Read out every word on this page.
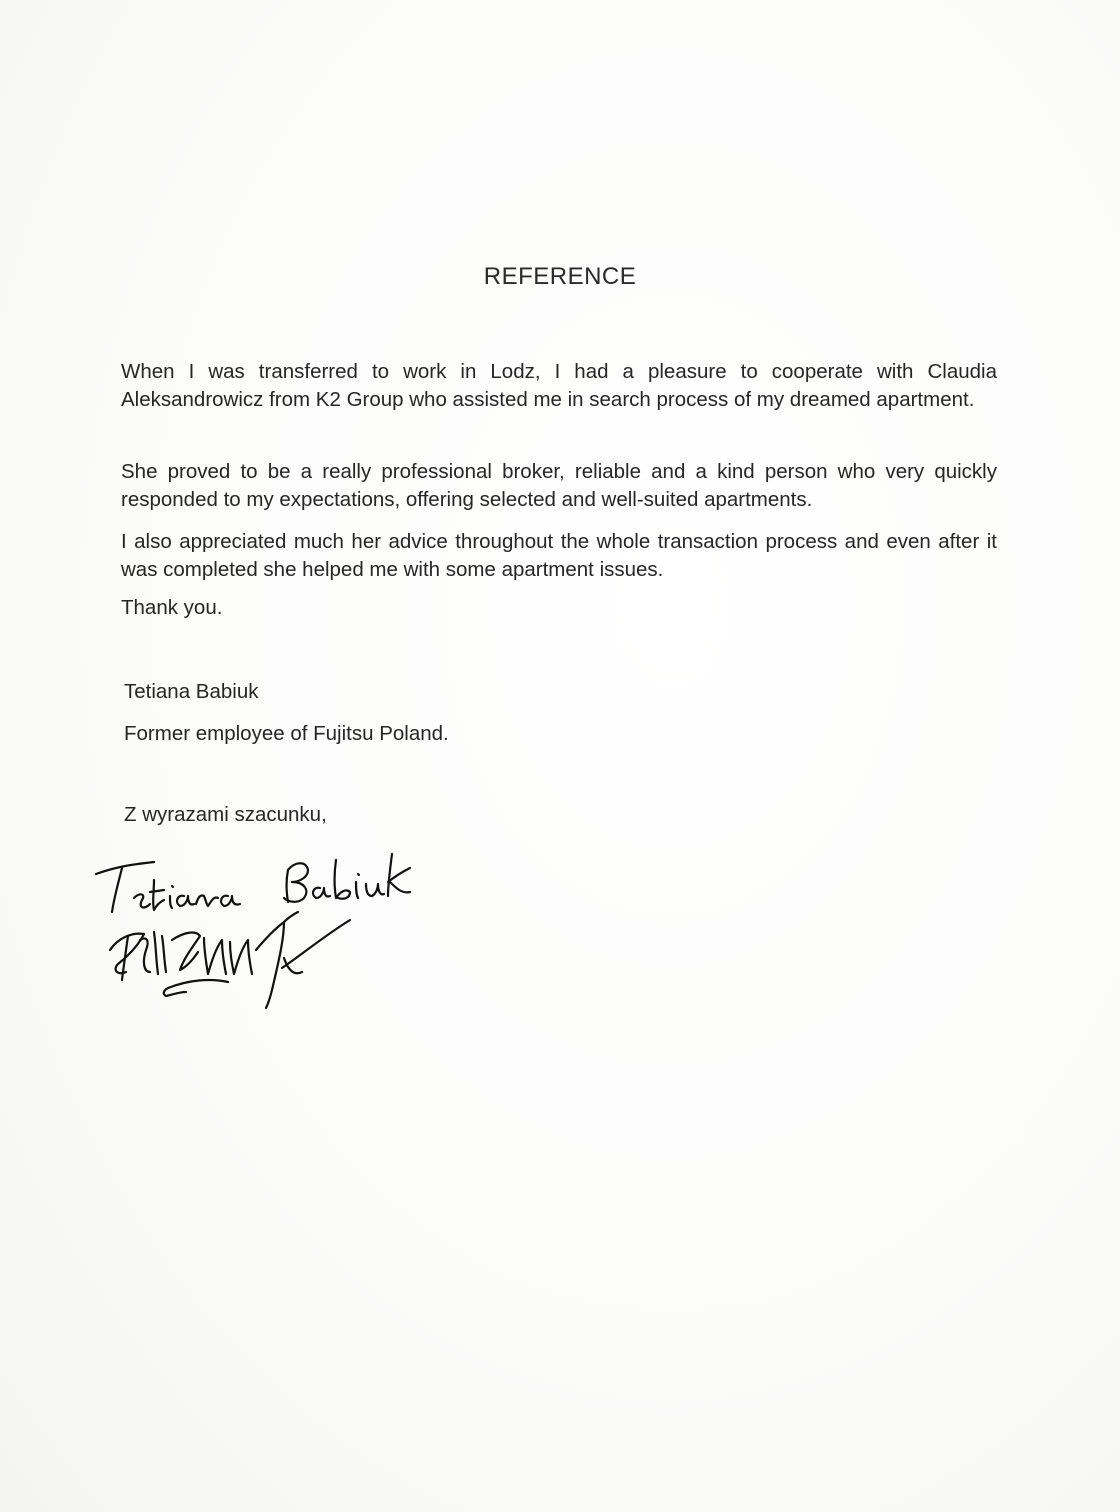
REFERENCE
When I was transferred to work in Lodz, I had a pleasure to cooperate with Claudia Aleksandrowicz from K2 Group who assisted me in search process of my dreamed apartment.
She proved to be a really professional broker, reliable and a kind person who very quickly responded to my expectations, offering selected and well-suited apartments.
I also appreciated much her advice throughout the whole transaction process and even after it was completed she helped me with some apartment issues.
Thank you.
Tetiana Babiuk
Former employee of Fujitsu Poland.
Z wyrazami szacunku,
